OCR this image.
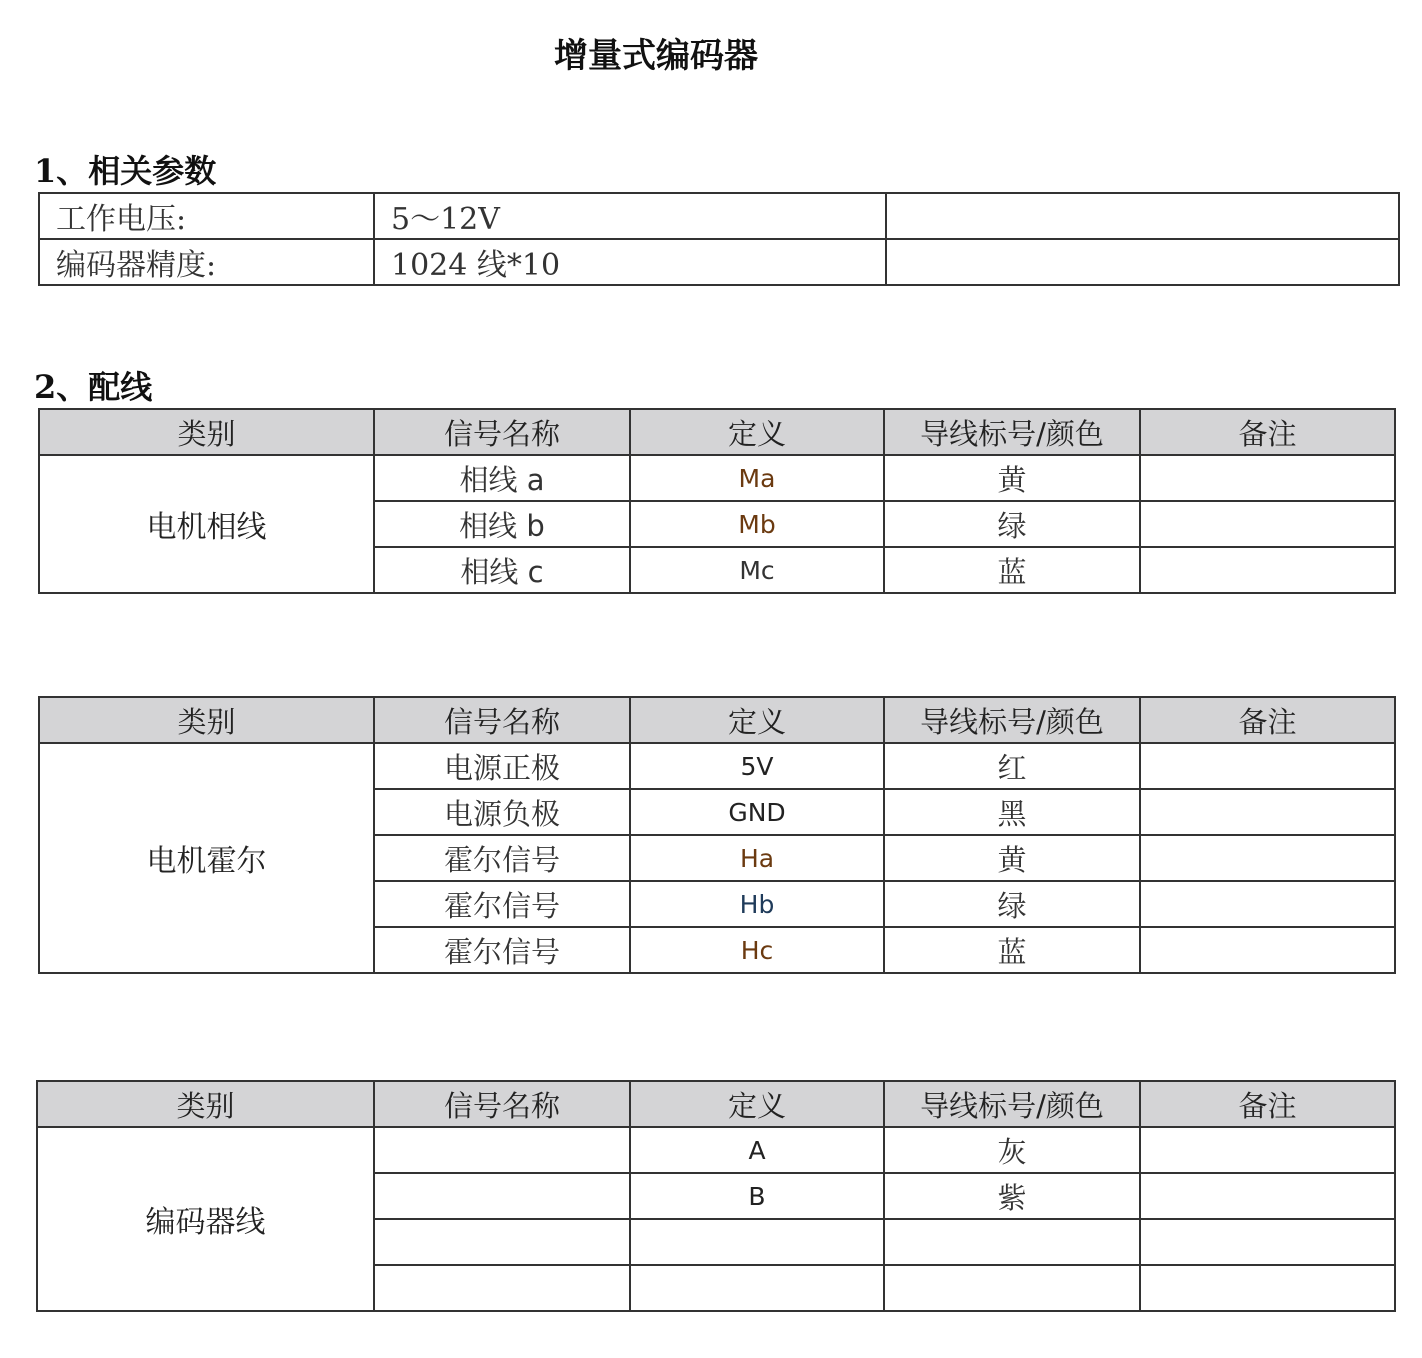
增量式编码器
1、相关参数
工作电压:	5～12V	
编码器精度:	1024 线*10	
2、配线
类别	信号名称	定义	导线标号/颜色	备注
电机相线	相线 a	Ma	黄	
	相线 b	Mb	绿	
	相线 c	Mc	蓝	
类别	信号名称	定义	导线标号/颜色	备注
电机霍尔	电源正极	5V	红	
	电源负极	GND	黑	
	霍尔信号	Ha	黄	
	霍尔信号	Hb	绿	
	霍尔信号	Hc	蓝	
类别	信号名称	定义	导线标号/颜色	备注
编码器线		A	灰	
		B	紫	
